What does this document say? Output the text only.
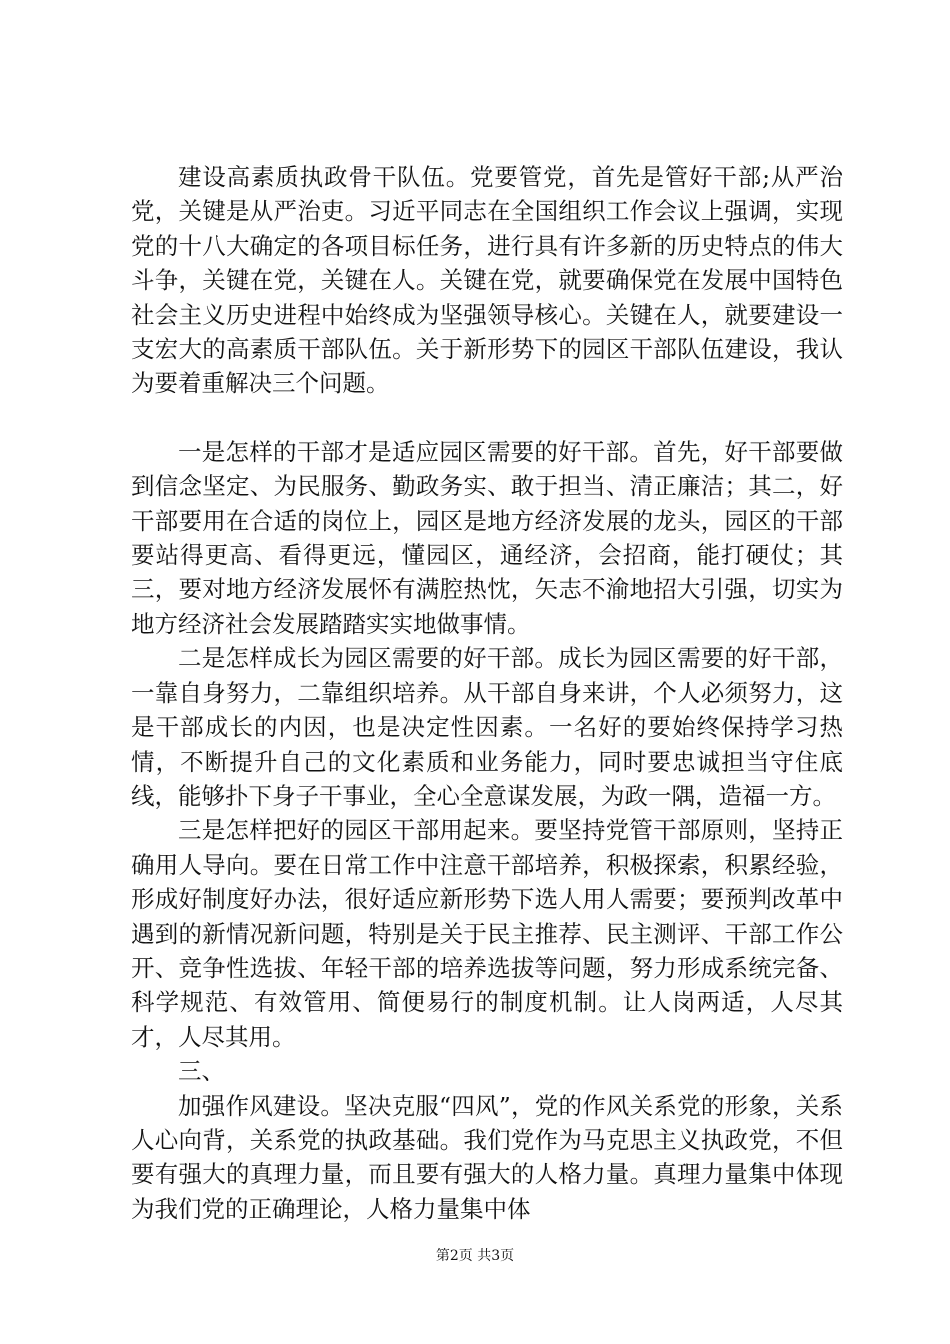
建设高素质执政骨干队伍。党要管党，首先是管好干部;从严治党，关键是从严治吏。习近平同志在全国组织工作会议上强调，实现党的十八大确定的各项目标任务，进行具有许多新的历史特点的伟大斗争，关键在党，关键在人。关键在党，就要确保党在发展中国特色社会主义历史进程中始终成为坚强领导核心。关键在人，就要建设一支宏大的高素质干部队伍。关于新形势下的园区干部队伍建设，我认为要着重解决三个问题。

一是怎样的干部才是适应园区需要的好干部。首先，好干部要做到信念坚定、为民服务、勤政务实、敢于担当、清正廉洁；其二，好干部要用在合适的岗位上，园区是地方经济发展的龙头，园区的干部要站得更高、看得更远，懂园区，通经济，会招商，能打硬仗；其三，要对地方经济发展怀有满腔热忱，矢志不渝地招大引强，切实为地方经济社会发展踏踏实实地做事情。

二是怎样成长为园区需要的好干部。成长为园区需要的好干部，一靠自身努力，二靠组织培养。从干部自身来讲，个人必须努力，这是干部成长的内因，也是决定性因素。一名好的要始终保持学习热情，不断提升自己的文化素质和业务能力，同时要忠诚担当守住底线，能够扑下身子干事业，全心全意谋发展，为政一隅，造福一方。

三是怎样把好的园区干部用起来。要坚持党管干部原则，坚持正确用人导向。要在日常工作中注意干部培养，积极探索，积累经验，形成好制度好办法，很好适应新形势下选人用人需要；要预判改革中遇到的新情况新问题，特别是关于民主推荐、民主测评、干部工作公开、竞争性选拔、年轻干部的培养选拔等问题，努力形成系统完备、科学规范、有效管用、简便易行的制度机制。让人岗两适，人尽其才，人尽其用。

三、

加强作风建设。坚决克服“四风”，党的作风关系党的形象，关系人心向背，关系党的执政基础。我们党作为马克思主义执政党，不但要有强大的真理力量，而且要有强大的人格力量。真理力量集中体现为我们党的正确理论，人格力量集中体

第2页 共3页
